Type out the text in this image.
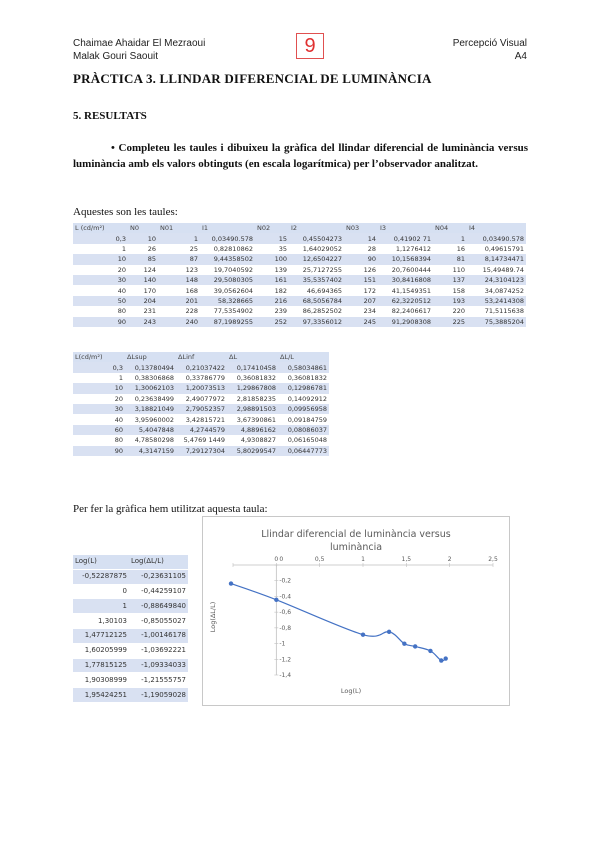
Chaimae Ahaidar El Mezraoui
Malak Gouri Saouit	9	Percepció Visual
A4
PRÀCTICA 3. LLINDAR DIFERENCIAL DE LUMINÀNCIA
5. RESULTATS
• Completeu les taules i dibuixeu la gràfica del llindar diferencial de luminància versus luminància amb els valors obtinguts (en escala logarítmica) per l’observador analitzat.
Aquestes son les taules:
L (cd/m²)	N0	N01	I1	N02	I2	N03	I3	N04	I4
0,3	10	1	0,03490.578	15	0,45504273	14	0,41902 71	1	0,03490.578
1	26	25	0,82810862	35	1,64029052	28	1,1276412	16	0,49615791
10	85	87	9,44358502	100	12,6504227	90	10,1568394	81	8,14734471
20	124	123	19,7040592	139	25,7127255	126	20,7600444	110	15,49489.74
30	140	148	29,5080305	161	35,5357402	151	30,8416808	137	24,3104123
40	170	168	39,0562604	182	46,694365	172	41,1549351	158	34,0874252
50	204	201	58,328665	216	68,5056784	207	62,3220512	193	53,2414308
80	231	228	77,5354902	239	86,2852502	234	82,2406617	220	71,5115638
90	243	240	87,1989255	252	97,3356012	245	91,2908308	225	75,3885204
L(cd/m²)	ΔLsup	ΔLinf	ΔL	ΔL/L
0,3	0,13780494	0,21037422	0,17410458	0,58034861
1	0,38306868	0,33786779	0,36081832	0,36081832
10	1,30062103	1,20073513	1,29867808	0,12986781
20	0,23638499	2,49077972	2,81858235	0,14092912
30	3,18821049	2,79052357	2,98891503	0,09956958
40	3,95960002	3,42815721	3,67390861	0,09184759
60	5,4047848	4,2744579	4,8896162	0,08086037
80	4,78580298	5,4769 1449	4,9308827	0,06165048
90	4,3147159	7,29127304	5,80299547	0,06447773
Per fer la gràfica hem utilitzat aquesta taula:
Log(L)	Log(ΔL/L)
-0,52287875	-0,23631105
0	-0,44259107
1	-0,88649840
1,30103	-0,85055027
1,47712125	-1,00146178
1,60205999	-1,03692221
1,77815125	-1,09334033
1,90308999	-1,21555757
1,95424251	-1,19059028
Llindar diferencial de luminància versus
luminància
0	0,5	1	1,5	2	2,5
0
-0,2
-0,4
-0,6
-0,8
-1
-1,2
-1,4
Log(L)
Log(ΔL/L)
